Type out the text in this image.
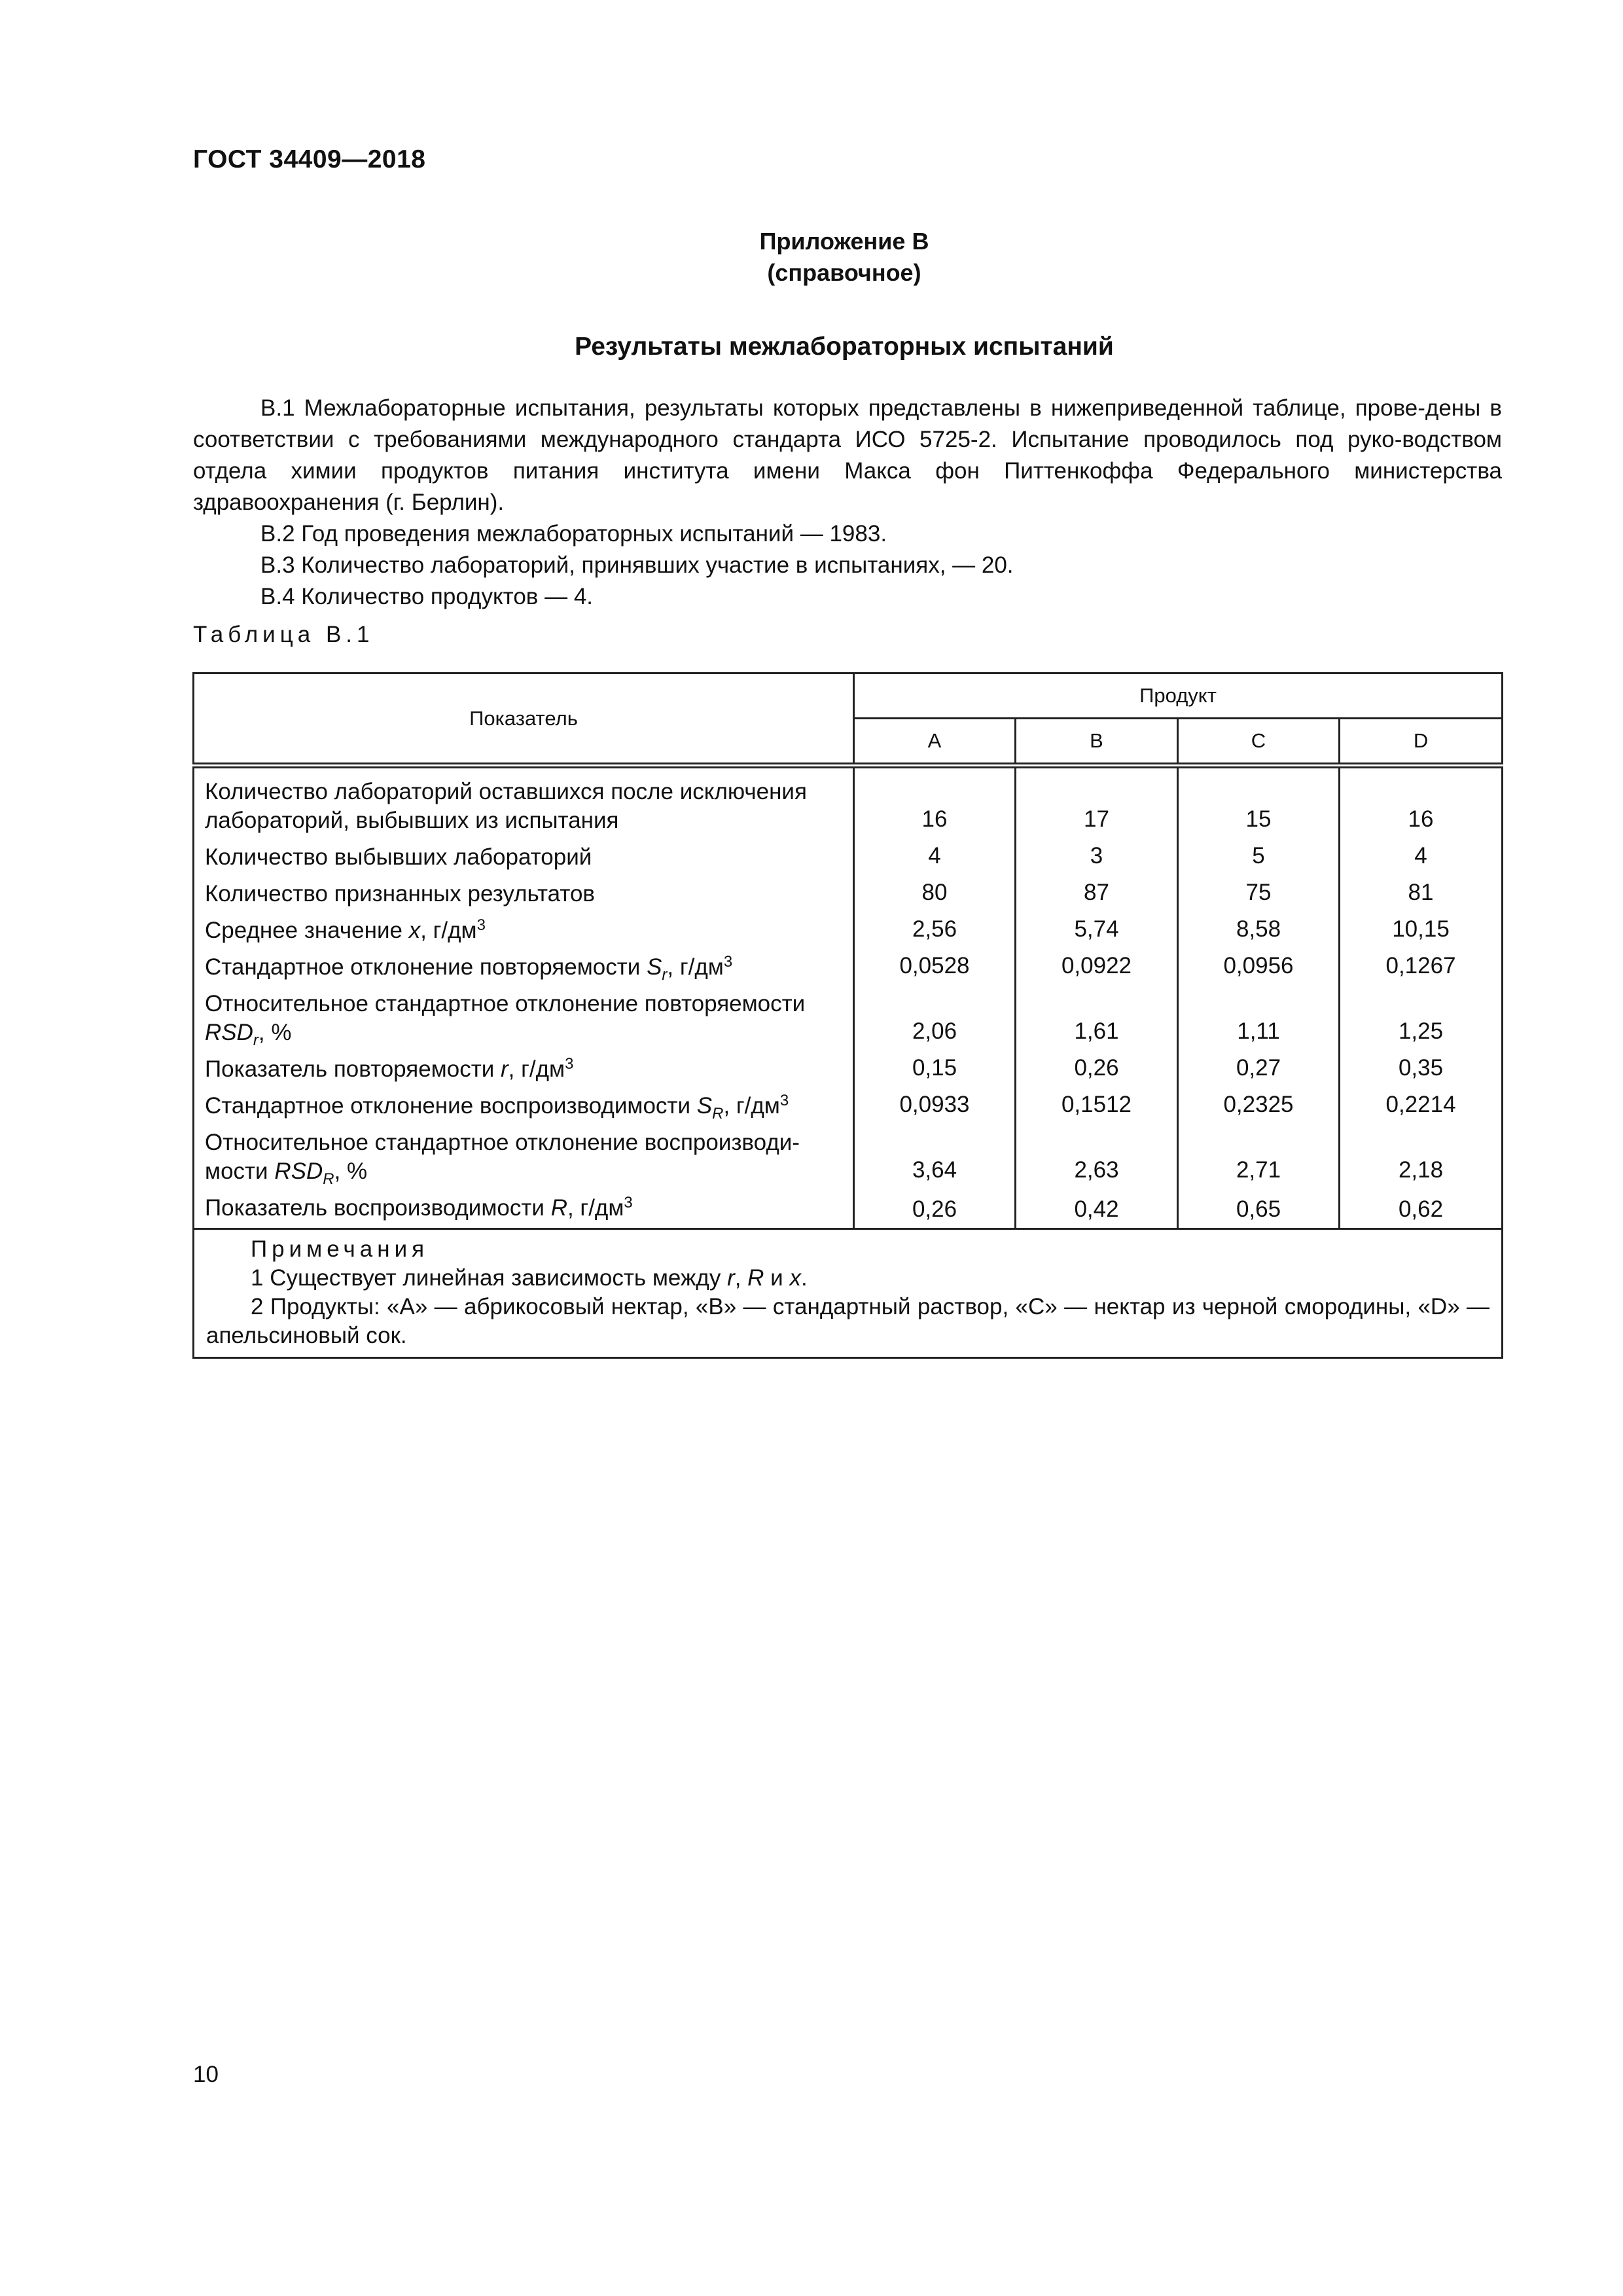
ГОСТ 34409—2018
Приложение В
(справочное)
Результаты межлабораторных испытаний

В.1 Межлабораторные испытания, результаты которых представлены в нижеприведенной таблице, прове-дены в соответствии с требованиями международного стандарта ИСО 5725-2. Испытание проводилось под руко-водством отдела химии продуктов питания института имени Макса фон Питтенкоффа Федерального министерства здравоохранения (г. Берлин).

В.2 Год проведения межлабораторных испытаний — 1983.

В.3 Количество лабораторий, принявших участие в испытаниях, — 20.

В.4 Количество продуктов — 4.

Таблица В.1
Показатель	Продукт			
	A	B	C	D
Количество лабораторий оставшихся после исключения лабораторий, выбывших из испытания	16	17	15	16
Количество выбывших лабораторий	4	3	5	4
Количество признанных результатов	80	87	75	81
Среднее значение x, $г/дм^3$	2,56	5,74	8,58	10,15
Стандартное отклонение повторяемости $S_r$, $г/дм^3$	0,0528	0,0922	0,0956	0,1267
Относительное стандартное отклонение повторяемости $RSD_r$, %	2,06	1,61	1,11	1,25
Показатель повторяемости r, $г/дм^3$	0,15	0,26	0,27	0,35
Стандартное отклонение воспроизводимости $S_R$, $г/дм^3$	0,0933	0,1512	0,2325	0,2214
Относительное стандартное отклонение воспроизводи-мости $RSD_R$, %	3,64	2,63	2,71	2,18
Показатель воспроизводимости R, $г/дм^3$	0,26	0,42	0,65	0,62

Примечания
1 Существует линейная зависимость между r, R и x.
2 Продукты: «А» — абрикосовый нектар, «В» — стандартный раствор, «С» — нектар из черной смородины, «D» — апельсиновый сок.				
10
